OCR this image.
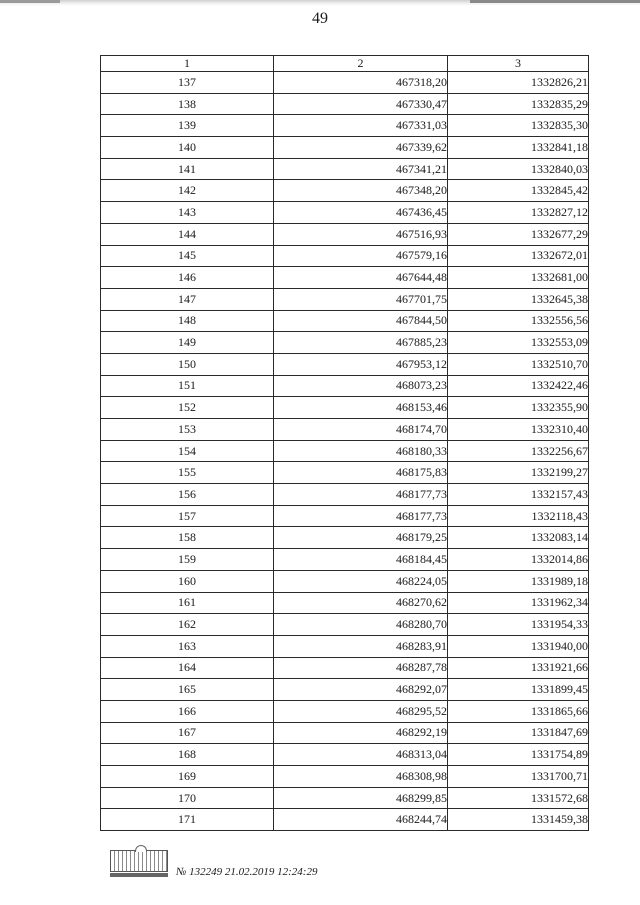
49
1	2	3
137	467318,20	1332826,21
138	467330,47	1332835,29
139	467331,03	1332835,30
140	467339,62	1332841,18
141	467341,21	1332840,03
142	467348,20	1332845,42
143	467436,45	1332827,12
144	467516,93	1332677,29
145	467579,16	1332672,01
146	467644,48	1332681,00
147	467701,75	1332645,38
148	467844,50	1332556,56
149	467885,23	1332553,09
150	467953,12	1332510,70
151	468073,23	1332422,46
152	468153,46	1332355,90
153	468174,70	1332310,40
154	468180,33	1332256,67
155	468175,83	1332199,27
156	468177,73	1332157,43
157	468177,73	1332118,43
158	468179,25	1332083,14
159	468184,45	1332014,86
160	468224,05	1331989,18
161	468270,62	1331962,34
162	468280,70	1331954,33
163	468283,91	1331940,00
164	468287,78	1331921,66
165	468292,07	1331899,45
166	468295,52	1331865,66
167	468292,19	1331847,69
168	468313,04	1331754,89
169	468308,98	1331700,71
170	468299,85	1331572,68
171	468244,74	1331459,38
№ 132249 21.02.2019 12:24:29
